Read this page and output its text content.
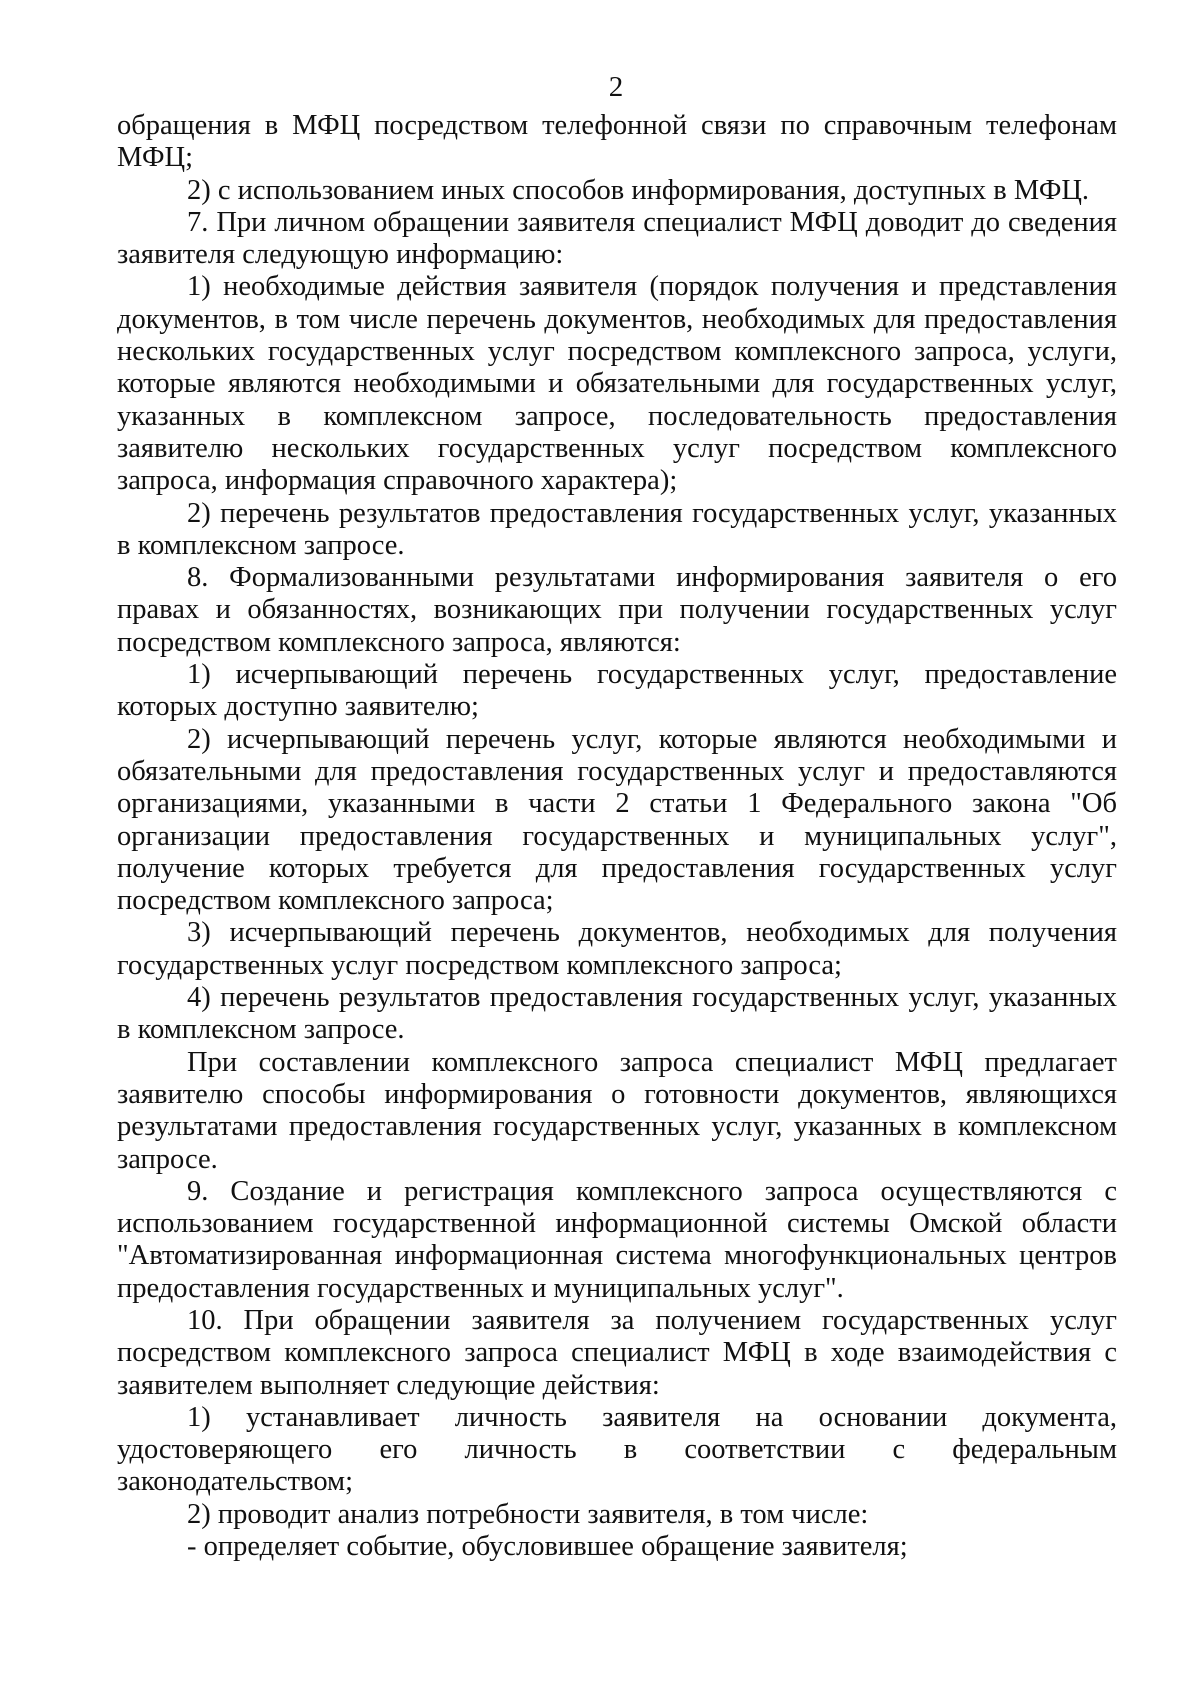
2

обращения в МФЦ посредством телефонной связи по справочным телефонам МФЦ;

2) с использованием иных способов информирования, доступных в МФЦ.

7. При личном обращении заявителя специалист МФЦ доводит до сведения заявителя следующую информацию:

1) необходимые действия заявителя (порядок получения и представления документов, в том числе перечень документов, необходимых для предоставления нескольких государственных услуг посредством комплексного запроса, услуги, которые являются необходимыми и обязательными для государственных услуг, указанных в комплексном запросе, последовательность предоставления заявителю нескольких государственных услуг посредством комплексного запроса, информация справочного характера);

2) перечень результатов предоставления государственных услуг, указанных в комплексном запросе.

8. Формализованными результатами информирования заявителя о его правах и обязанностях, возникающих при получении государственных услуг посредством комплексного запроса, являются:

1) исчерпывающий перечень государственных услуг, предоставление которых доступно заявителю;

2) исчерпывающий перечень услуг, которые являются необходимыми и обязательными для предоставления государственных услуг и предоставляются организациями, указанными в части 2 статьи 1 Федерального закона "Об организации предоставления государственных и муниципальных услуг", получение которых требуется для предоставления государственных услуг посредством комплексного запроса;

3) исчерпывающий перечень документов, необходимых для получения государственных услуг посредством комплексного запроса;

4) перечень результатов предоставления государственных услуг, указанных в комплексном запросе.

При составлении комплексного запроса специалист МФЦ предлагает заявителю способы информирования о готовности документов, являющихся результатами предоставления государственных услуг, указанных в комплексном запросе.

9. Создание и регистрация комплексного запроса осуществляются с использованием государственной информационной системы Омской области "Автоматизированная информационная система многофункциональных центров предоставления государственных и муниципальных услуг".

10. При обращении заявителя за получением государственных услуг посредством комплексного запроса специалист МФЦ в ходе взаимодействия с заявителем выполняет следующие действия:

1) устанавливает личность заявителя на основании документа, удостоверяющего его личность в соответствии с федеральным законодательством;

2) проводит анализ потребности заявителя, в том числе:

- определяет событие, обусловившее обращение заявителя;
